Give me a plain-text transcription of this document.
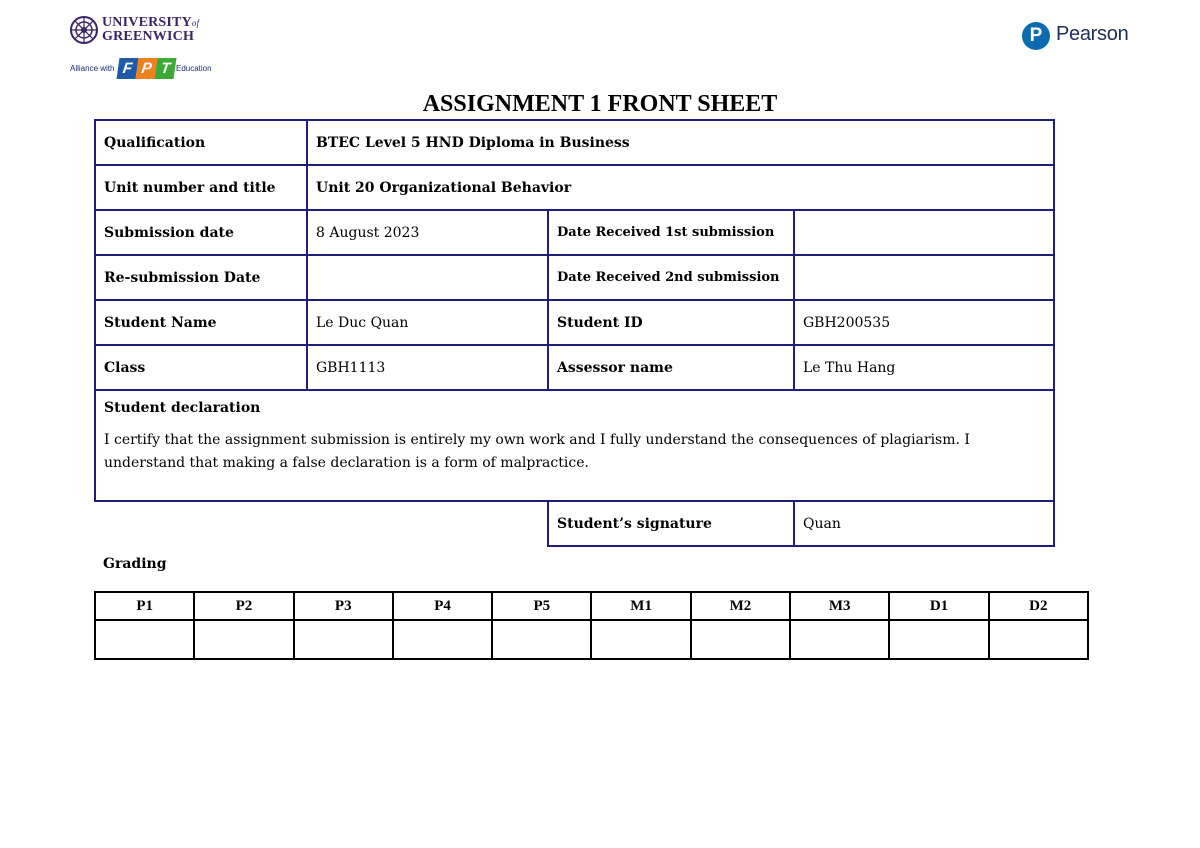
UNIVERSITYof
GREENWICH
Alliance with F P T Education
P Pearson
ASSIGNMENT 1 FRONT SHEET
Qualification	BTEC Level 5 HND Diploma in Business		
Unit number and title	Unit 20 Organizational Behavior		
Submission date	8 August 2023	Date Received 1st submission	
Re-submission Date		Date Received 2nd submission	
Student Name	Le Duc Quan	Student ID	GBH200535
Class	GBH1113	Assessor name	Le Thu Hang

Student declaration

I certify that the assignment submission is entirely my own work and I fully understand the consequences of plagiarism. I understand that making a false declaration is a form of malpractice.			

		Student’s signature	Quan
Grading
P1	P2	P3	P4	P5	M1	M2	M3	D1	D2
